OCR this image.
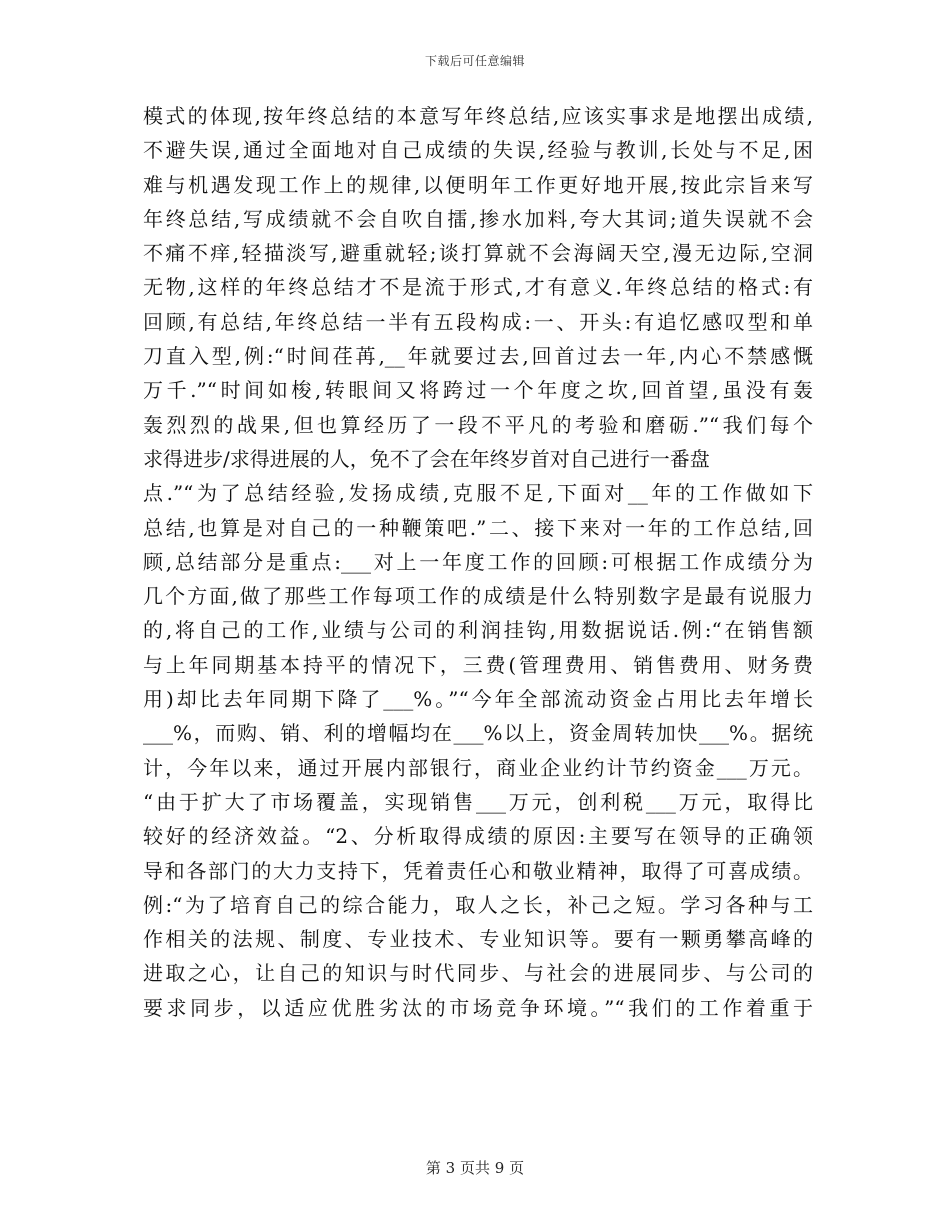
下载后可任意编辑
模式的体现,按年终总结的本意写年终总结,应该实事求是地摆出成绩,
不避失误,通过全面地对自己成绩的失误,经验与教训,长处与不足,困
难与机遇发现工作上的规律,以便明年工作更好地开展,按此宗旨来写
年终总结,写成绩就不会自吹自擂,掺水加料,夸大其词;道失误就不会
不痛不痒,轻描淡写,避重就轻;谈打算就不会海阔天空,漫无边际,空洞
无物,这样的年终总结才不是流于形式,才有意义.年终总结的格式:有
回顾,有总结,年终总结一半有五段构成:一、开头:有追忆感叹型和单
刀直入型,例:“时间荏苒,__年就要过去,回首过去一年,内心不禁感慨
万千.”“时间如梭,转眼间又将跨过一个年度之坎,回首望,虽没有轰
轰烈烈的战果,但也算经历了一段不平凡的考验和磨砺.”“我们每个
求得进步/求得进展的人，免不了会在年终岁首对自己进行一番盘
点.”“为了总结经验,发扬成绩,克服不足,下面对__年的工作做如下
总结,也算是对自己的一种鞭策吧.”二、接下来对一年的工作总结,回
顾,总结部分是重点:___对上一年度工作的回顾:可根据工作成绩分为
几个方面,做了那些工作每项工作的成绩是什么特别数字是最有说服力
的,将自己的工作,业绩与公司的利润挂钩,用数据说话.例:“在销售额
与上年同期基本持平的情况下，三费(管理费用、销售费用、财务费
用)却比去年同期下降了___%。”“今年全部流动资金占用比去年增长
___%，而购、销、利的增幅均在___%以上，资金周转加快___%。据统
计，今年以来，通过开展内部银行，商业企业约计节约资金___万元。
“由于扩大了市场覆盖，实现销售___万元，创利税___万元，取得比
较好的经济效益。“2、分析取得成绩的原因:主要写在领导的正确领
导和各部门的大力支持下，凭着责任心和敬业精神，取得了可喜成绩。
例:“为了培育自己的综合能力，取人之长，补己之短。学习各种与工
作相关的法规、制度、专业技术、专业知识等。要有一颗勇攀高峰的
进取之心，让自己的知识与时代同步、与社会的进展同步、与公司的
要求同步，以适应优胜劣汰的市场竞争环境。”“我们的工作着重于
第 3 页共 9 页
